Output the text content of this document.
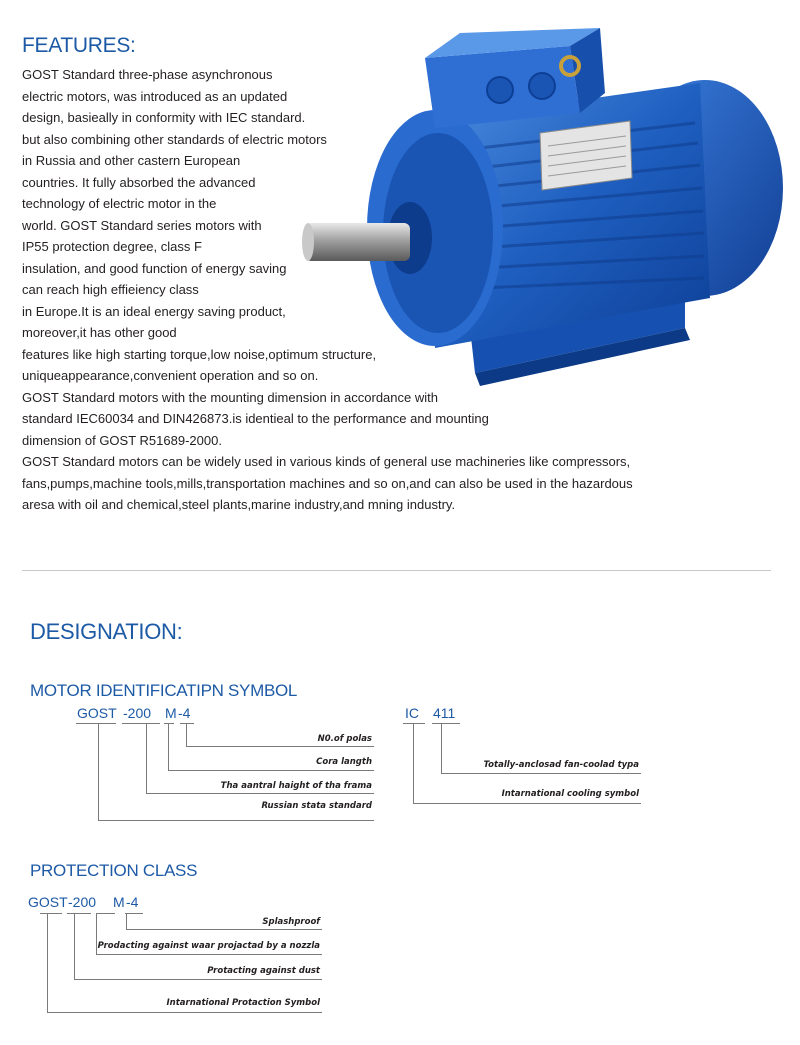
FEATURES:
GOST Standard three-phase asynchronous
electric motors, was introduced as an updated
design, basieally in conformity with IEC standard.
but also combining other standards of electric motors
in Russia and other castern European
countries. It fully absorbed the advanced
technology of electric motor in the
world. GOST Standard series motors with
IP55 protection degree, class F
insulation, and good function of energy saving
can reach high effieiency class
in Europe.It is an ideal energy saving product,
moreover,it has other good
features like high starting torque,low noise,optimum structure,
uniqueappearance,convenient operation and so on.
GOST Standard motors with the mounting dimension in accordance with
standard IEC60034 and DIN426873.is identieal to the performance and mounting
dimension of GOST R51689-2000.
GOST Standard motors can be widely used in various kinds of general use machineries like compressors,
fans,pumps,machine tools,mills,transportation machines and so on,and can also be used in the hazardous
aresa with oil and chemical,steel plants,marine industry,and mning industry.
DESIGNATION:
MOTOR IDENTIFICATIPN SYMBOL
GOST -200 M -4
N0.of polas
Cora langth
Tha aantral haight of tha frama
Russian stata standard
IC 411
Totally-anclosad fan-coolad typa
Intarnational cooling symbol
PROTECTION CLASS
GOST -200 M -4
Splashproof
Prodacting against waar projactad by a nozzla
Protacting against dust
Intarnational Protaction Symbol
